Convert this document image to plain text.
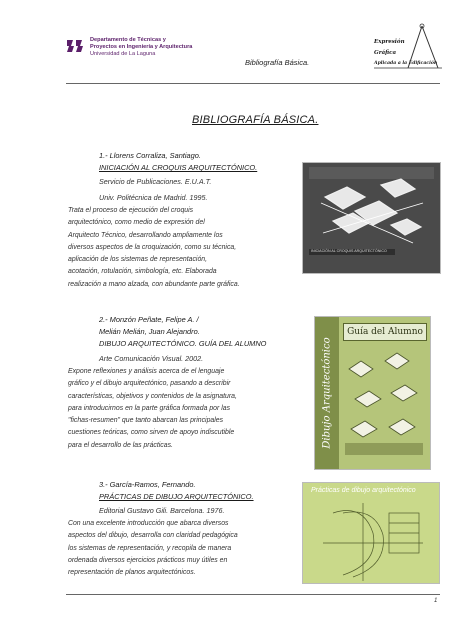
Departamento de Técnicas y
Proyectos en Ingeniería y Arquitectura
Universidad de La Laguna
Bibliografía Básica.
Expresión
Gráfica
Aplicada a la Edificación
BIBLIOGRAFÍA BÁSICA.
1.- Llorens Corraliza, Santiago.
INICIACIÓN AL CROQUIS ARQUITECTÓNICO.
Servicio de Publicaciones. E.U.A.T.
Univ. Politécnica de Madrid. 1995.
Trata el proceso de ejecución del croquis
arquitectónico, como medio de expresión del
Arquitecto Técnico, desarrollando ampliamente los
diversos aspectos de la croquización, como su técnica,
aplicación de los sistemas de representación,
acotación, rotulación, simbología, etc. Elaborada
realización a mano alzada, con abundante parte gráfica.
INICIACIÓN AL CROQUIS ARQUITECTÓNICO
2.- Monzón Peñate, Felipe A. /
Melián Melián, Juan Alejandro.
DIBUJO ARQUITECTÓNICO. GUÍA DEL ALUMNO
Arte Comunicación Visual. 2002.
Expone reflexiones y análisis acerca de el lenguaje
gráfico y el dibujo arquitectónico, pasando a describir
características, objetivos y contenidos de la asignatura,
para introducirnos en la parte gráfica formada por las
"fichas-resumen" que tanto abarcan las principales
cuestiones teóricas, como sirven de apoyo indiscutible
para el desarrollo de las prácticas.	Dibujo Arquitectónico
Guía del Alumno
3.- García-Ramos, Fernando.
PRÁCTICAS DE DIBUJO ARQUITECTÓNICO.
Editorial Gustavo Gili. Barcelona. 1976.
Con una excelente introducción que abarca diversos
aspectos del dibujo, desarrolla con claridad pedagógica
los sistemas de representación, y recopila de manera
ordenada diversos ejercicios prácticos muy útiles en
representación de planos arquitectónicos.
Prácticas de dibujo arquitectónico
1
